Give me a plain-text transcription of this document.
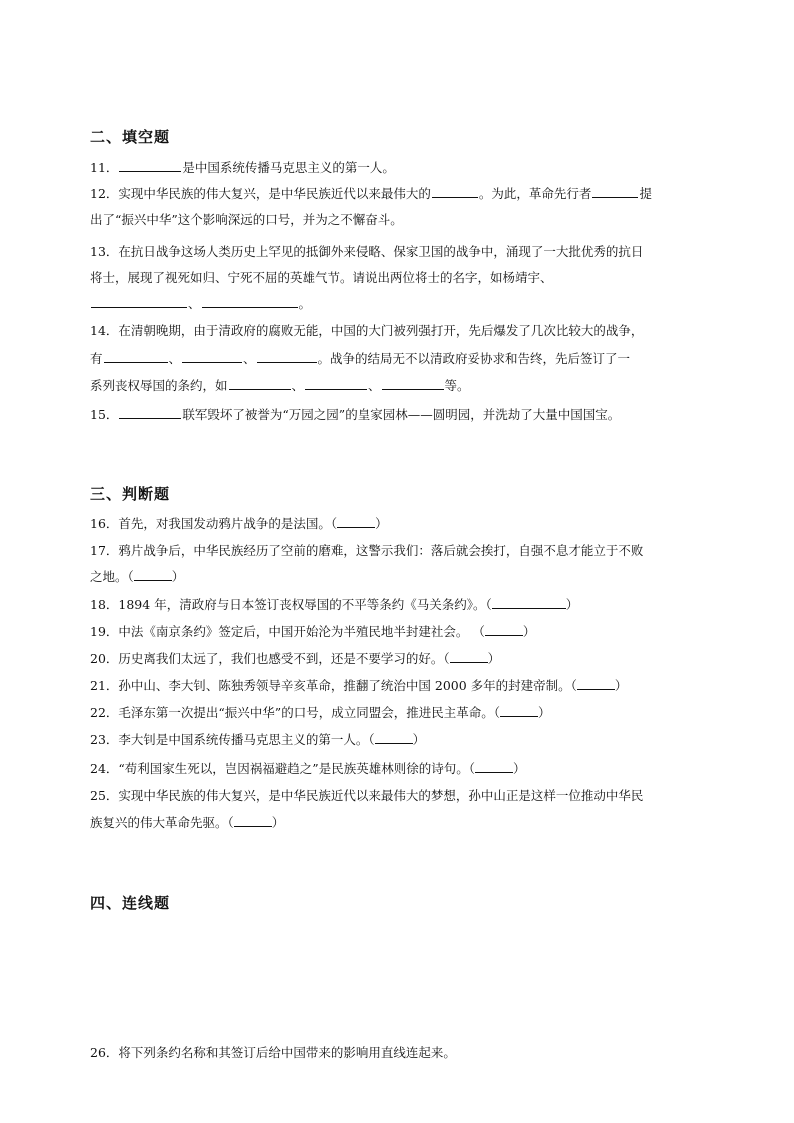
二、填空题
11．	是中国系统传播马克思主义的第一人。
12．实现中华民族的伟大复兴，是中华民族近代以来最伟大的	。为此，革命先行者	提
出了“振兴中华”这个影响深远的口号，并为之不懈奋斗。
13．在抗日战争这场人类历史上罕见的抵御外来侵略、保家卫国的战争中，涌现了一大批优秀的抗日
将士，展现了视死如归、宁死不屈的英雄气节。请说出两位将士的名字，如杨靖宇、
、	。
14．在清朝晚期，由于清政府的腐败无能，中国的大门被列强打开，先后爆发了几次比较大的战争，
有	、	、	。战争的结局无不以清政府妥协求和告终，先后签订了一
系列丧权辱国的条约，如	、	、	等。
15．	联军毁坏了被誉为“万园之园”的皇家园林——圆明园，并洗劫了大量中国国宝。
三、判断题
16．首先，对我国发动鸦片战争的是法国。（	）
17．鸦片战争后，中华民族经历了空前的磨难，这警示我们：落后就会挨打，自强不息才能立于不败
之地。（	）
18．1894 年，清政府与日本签订丧权辱国的不平等条约《马关条约》。（	）
19．中法《南京条约》签定后，中国开始沦为半殖民地半封建社会。 （	）
20．历史离我们太远了，我们也感受不到，还是不要学习的好。（	）
21．孙中山、李大钊、陈独秀领导辛亥革命，推翻了统治中国 2000 多年的封建帝制。（	）
22．毛泽东第一次提出“振兴中华”的口号，成立同盟会，推进民主革命。（	）
23．李大钊是中国系统传播马克思主义的第一人。（	）
24．“苟利国家生死以，岂因祸福避趋之”是民族英雄林则徐的诗句。（	）
25．实现中华民族的伟大复兴，是中华民族近代以来最伟大的梦想，孙中山正是这样一位推动中华民
族复兴的伟大革命先驱。（	）
四、连线题
26．将下列条约名称和其签订后给中国带来的影响用直线连起来。
